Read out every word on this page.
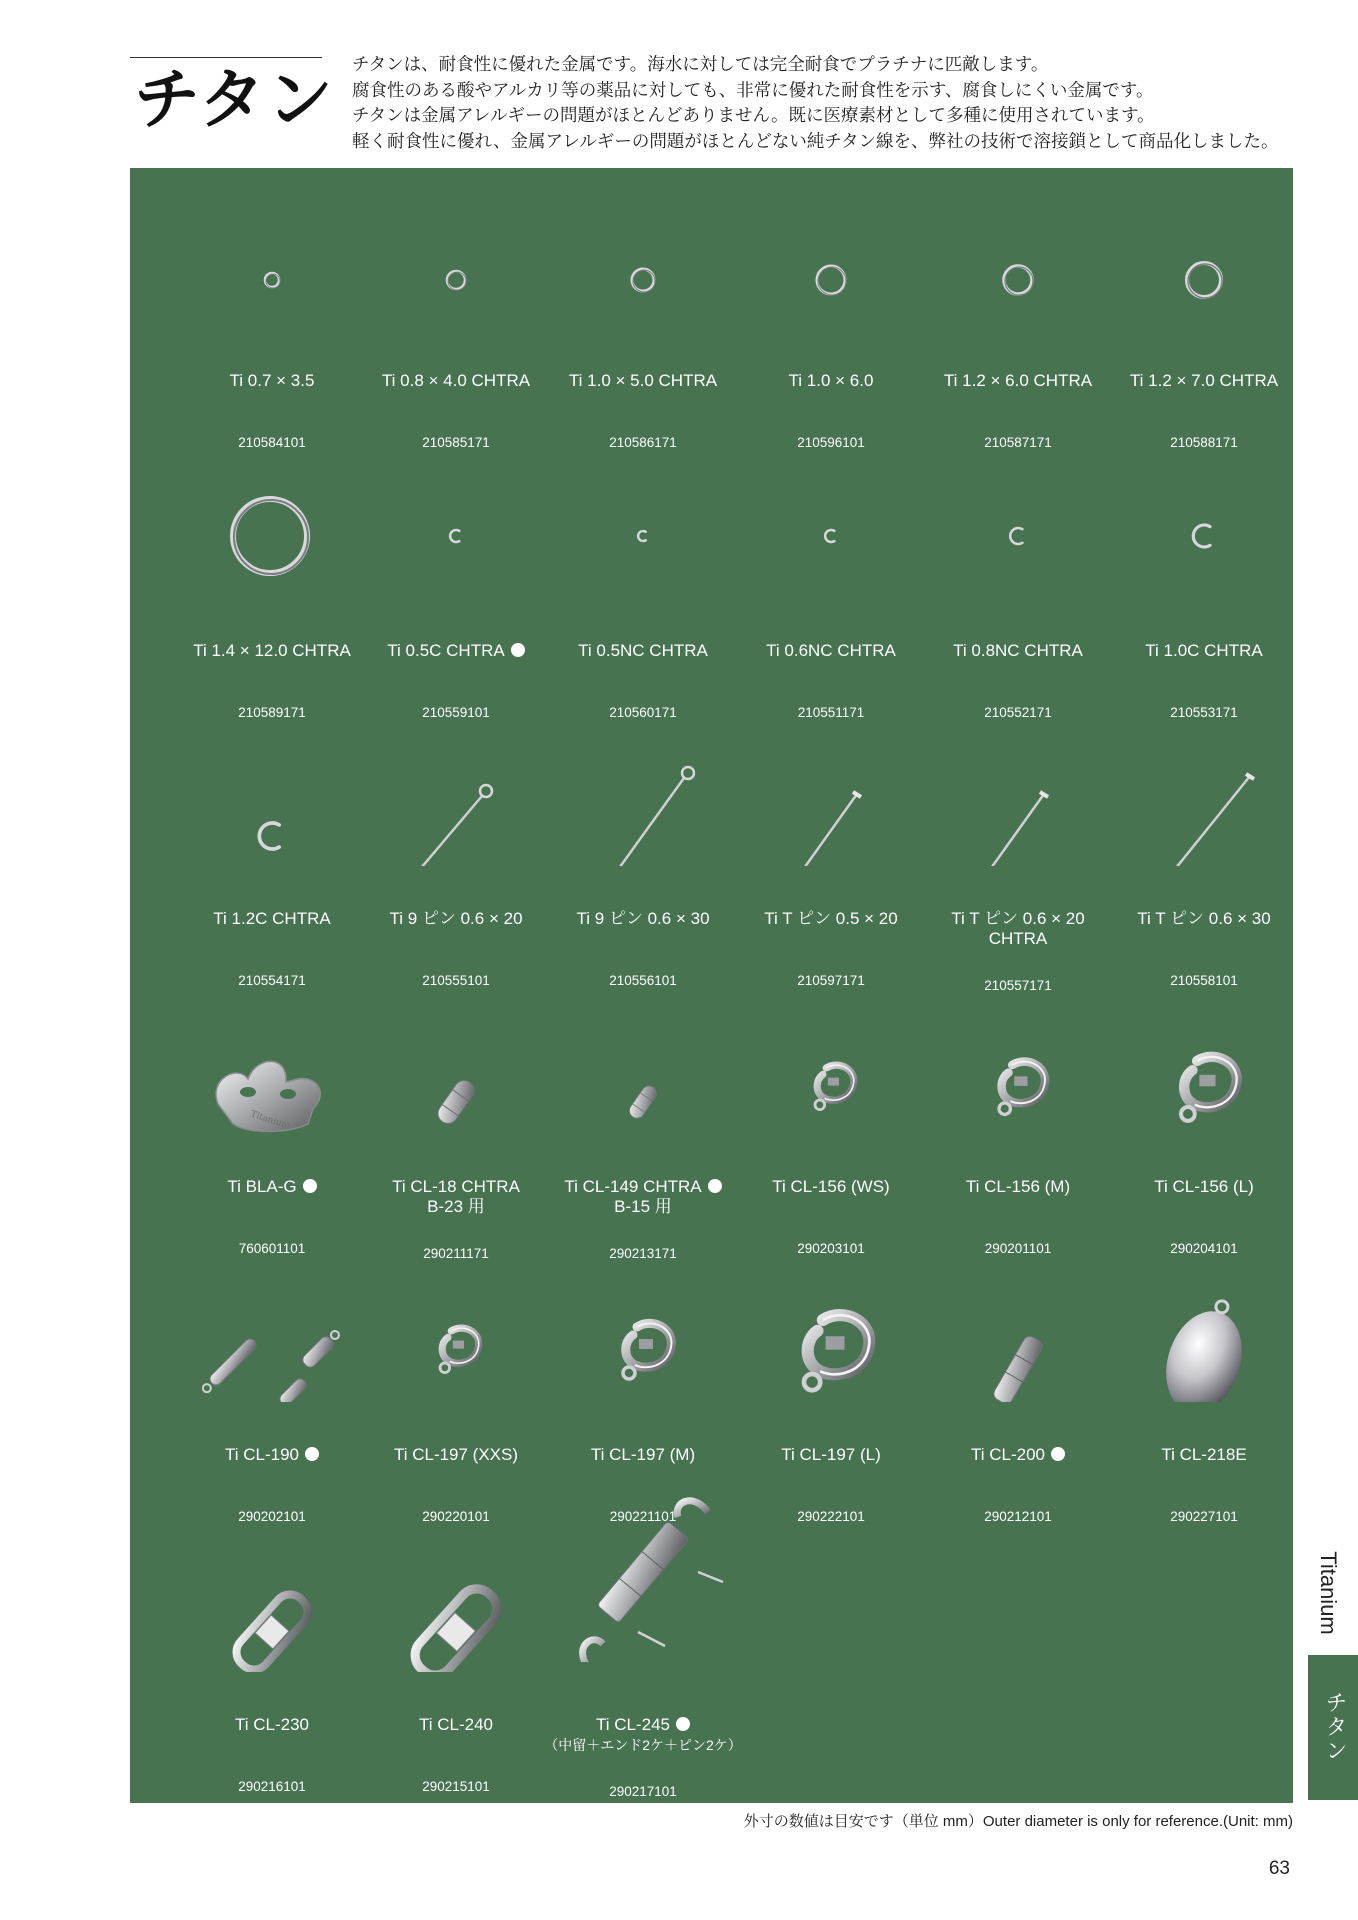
チタン チタンは、耐食性に優れた金属です。海水に対しては完全耐食でプラチナに匹敵します。
腐食性のある酸やアルカリ等の薬品に対しても、非常に優れた耐食性を示す、腐食しにくい金属です。
チタンは金属アレルギーの問題がほとんどありません。既に医療素材として多種に使用されています。
軽く耐食性に優れ、金属アレルギーの問題がほとんどない純チタン線を、弊社の技術で溶接鎖として商品化しました。
Ti 0.7 × 3.5
210584101
Ti 0.8 × 4.0 CHTRA
210585171
Ti 1.0 × 5.0 CHTRA
210586171
Ti 1.0 × 6.0
210596101
Ti 1.2 × 6.0 CHTRA
210587171
Ti 1.2 × 7.0 CHTRA
210588171
Ti 1.4 × 12.0 CHTRA
210589171
Ti 0.5C CHTRA
210559101
Ti 0.5NC CHTRA
210560171
Ti 0.6NC CHTRA
210551171
Ti 0.8NC CHTRA
210552171
Ti 1.0C CHTRA
210553171
Ti 1.2C CHTRA
210554171
Ti 9 ピン 0.6 × 20
210555101
Ti 9 ピン 0.6 × 30
210556101
Ti T ピン 0.5 × 20
210597171
Ti T ピン 0.6 × 20
CHTRA
210557171
Ti T ピン 0.6 × 30
210558101
Titanium
Ti BLA-G
760601101
Ti CL-18 CHTRA
B-23 用
290211171
Ti CL-149 CHTRA
B-15 用
290213171
Ti CL-156 (WS)
290203101
Ti CL-156 (M)
290201101
Ti CL-156 (L)
290204101
Ti CL-190
290202101
Ti CL-197 (XXS)
290220101
Ti CL-197 (M)
290221101
Ti CL-197 (L)
290222101
Ti CL-200
290212101
Ti CL-218E
290227101
Ti CL-230
290216101
Ti CL-240
290215101
Ti CL-245
（中留＋エンド2ケ＋ピン2ケ）
290217101
外寸の数値は目安です（単位 mm）Outer diameter is only for reference.(Unit: mm)
63
Titanium
チタン
